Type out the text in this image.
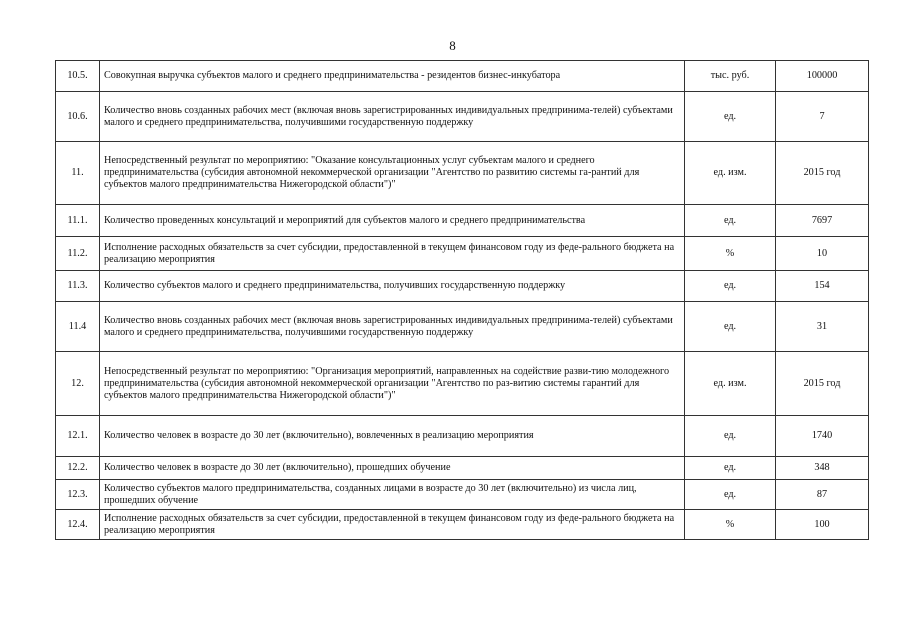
8
10.5.	Совокупная выручка субъектов малого и среднего предпринимательства - резидентов бизнес-инкубатора	тыс. руб.	100000
10.6.	Количество вновь созданных рабочих мест (включая вновь зарегистрированных индивидуальных предпринима-телей) субъектами малого и среднего предпринимательства, получившими государственную поддержку	ед.	7
11.	Непосредственный результат по мероприятию: "Оказание консультационных услуг субъектам малого и среднего предпринимательства (субсидия автономной некоммерческой организации "Агентство по развитию системы га-рантий для субъектов малого предпринимательства Нижегородской области")"	ед. изм.	2015 год
11.1.	Количество проведенных консультаций и мероприятий для субъектов малого и среднего предпринимательства	ед.	7697
11.2.	Исполнение расходных обязательств за счет субсидии, предоставленной в текущем финансовом году из феде-рального бюджета на реализацию мероприятия	%	10
11.3.	Количество субъектов малого и среднего предпринимательства, получивших государственную поддержку	ед.	154
11.4	Количество вновь созданных рабочих мест (включая вновь зарегистрированных индивидуальных предпринима-телей) субъектами малого и среднего предпринимательства, получившими государственную поддержку	ед.	31
12.	Непосредственный результат по мероприятию: "Организация мероприятий, направленных на содействие разви-тию молодежного предпринимательства (субсидия автономной некоммерческой организации "Агентство по раз-витию системы гарантий для субъектов малого предпринимательства Нижегородской области")"	ед. изм.	2015 год
12.1.	Количество человек в возрасте до 30 лет (включительно), вовлеченных в реализацию мероприятия	ед.	1740
12.2.	Количество человек в возрасте до 30 лет (включительно), прошедших обучение	ед.	348
12.3.	Количество субъектов малого предпринимательства, созданных лицами в возрасте до 30 лет (включительно) из числа лиц, прошедших обучение	ед.	87
12.4.	Исполнение расходных обязательств за счет субсидии, предоставленной в текущем финансовом году из феде-рального бюджета на реализацию мероприятия	%	100
